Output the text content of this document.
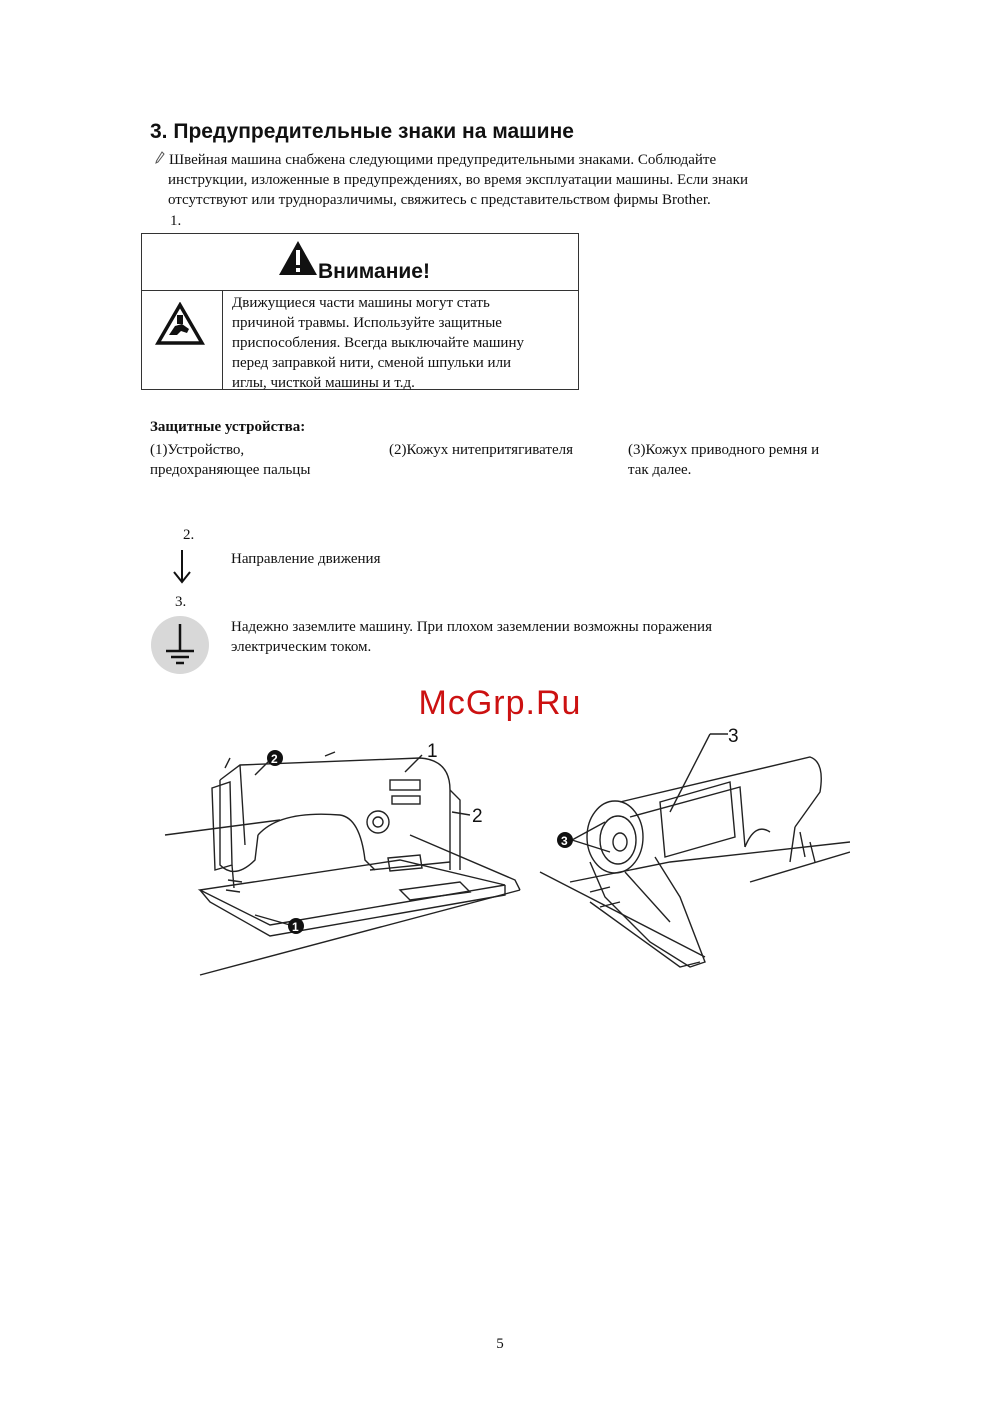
3. Предупредительные знаки на машине

Швейная машина снабжена следующими предупредительными знаками. Соблюдайте

инструкции, изложенные в предупреждениях, во время эксплуатации машины. Если знаки

отсутствуют или трудноразличимы, свяжитесь с представительством фирмы Brother.

1.
Внимание!
Движущиеся части машины могут стать
причиной травмы. Используйте защитные
приспособления. Всегда выключайте машину
перед заправкой нити, сменой шпульки или
иглы, чисткой машины и т.д.
Защитные устройства:
(1)Устройство,
предохраняющее пальцы
(2)Кожух нитепритягивателя	(3)Кожух приводного ремня и
так далее.
2.
Направление движения
3.
Надежно заземлите машину. При плохом заземлении возможны поражения
электрическим током.
McGrp.Ru
1
2
2
1
3
3
5
